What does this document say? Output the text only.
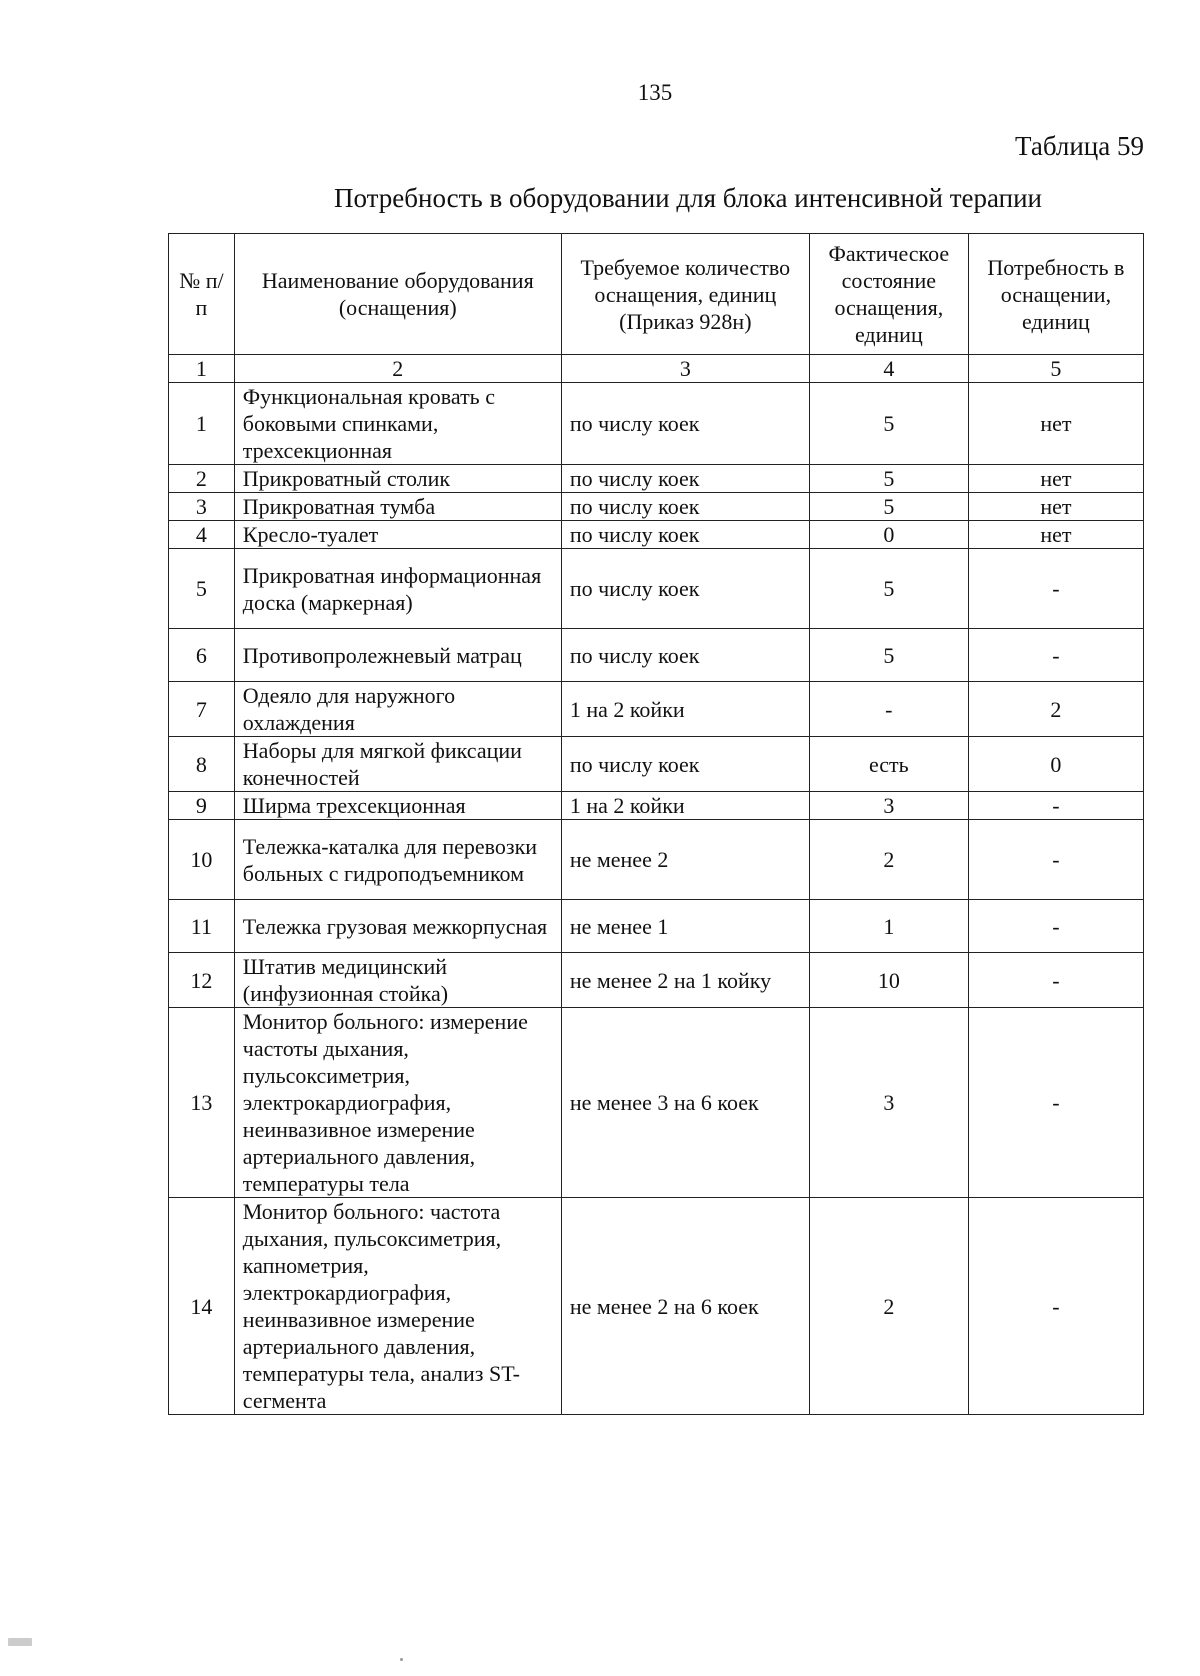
135
Таблица 59
Потребность в оборудовании для блока интенсивной терапии
№ п/п	Наименование оборудования (оснащения)	Требуемое количество оснащения, единиц (Приказ 928н)	Фактическое состояние оснащения, единиц	Потребность в оснащении, единиц
1	2	3	4	5
1	Функциональная кровать с боковыми спинками, трехсекционная	по числу коек	5	нет
2	Прикроватный столик	по числу коек	5	нет
3	Прикроватная тумба	по числу коек	5	нет
4	Кресло-туалет	по числу коек	0	нет
5	Прикроватная информационная доска (маркерная)	по числу коек	5	-
6	Противопролежневый матрац	по числу коек	5	-
7	Одеяло для наружного охлаждения	1 на 2 койки	-	2
8	Наборы для мягкой фиксации конечностей	по числу коек	есть	0
9	Ширма трехсекционная	1 на 2 койки	3	-
10	Тележка-каталка для перевозки больных с гидроподъемником	не менее 2	2	-
11	Тележка грузовая межкорпусная	не менее 1	1	-
12	Штатив медицинский (инфузионная стойка)	не менее 2 на 1 койку	10	-
13	Монитор больного: измерение частоты дыхания, пульсоксиметрия, электрокардиография, неинвазивное измерение артериального давления, температуры тела	не менее 3 на 6 коек	3	-
14	Монитор больного: частота дыхания, пульсоксиметрия, капнометрия, электрокардиография, неинвазивное измерение артериального давления, температуры тела, анализ ST-сегмента	не менее 2 на 6 коек	2	-
